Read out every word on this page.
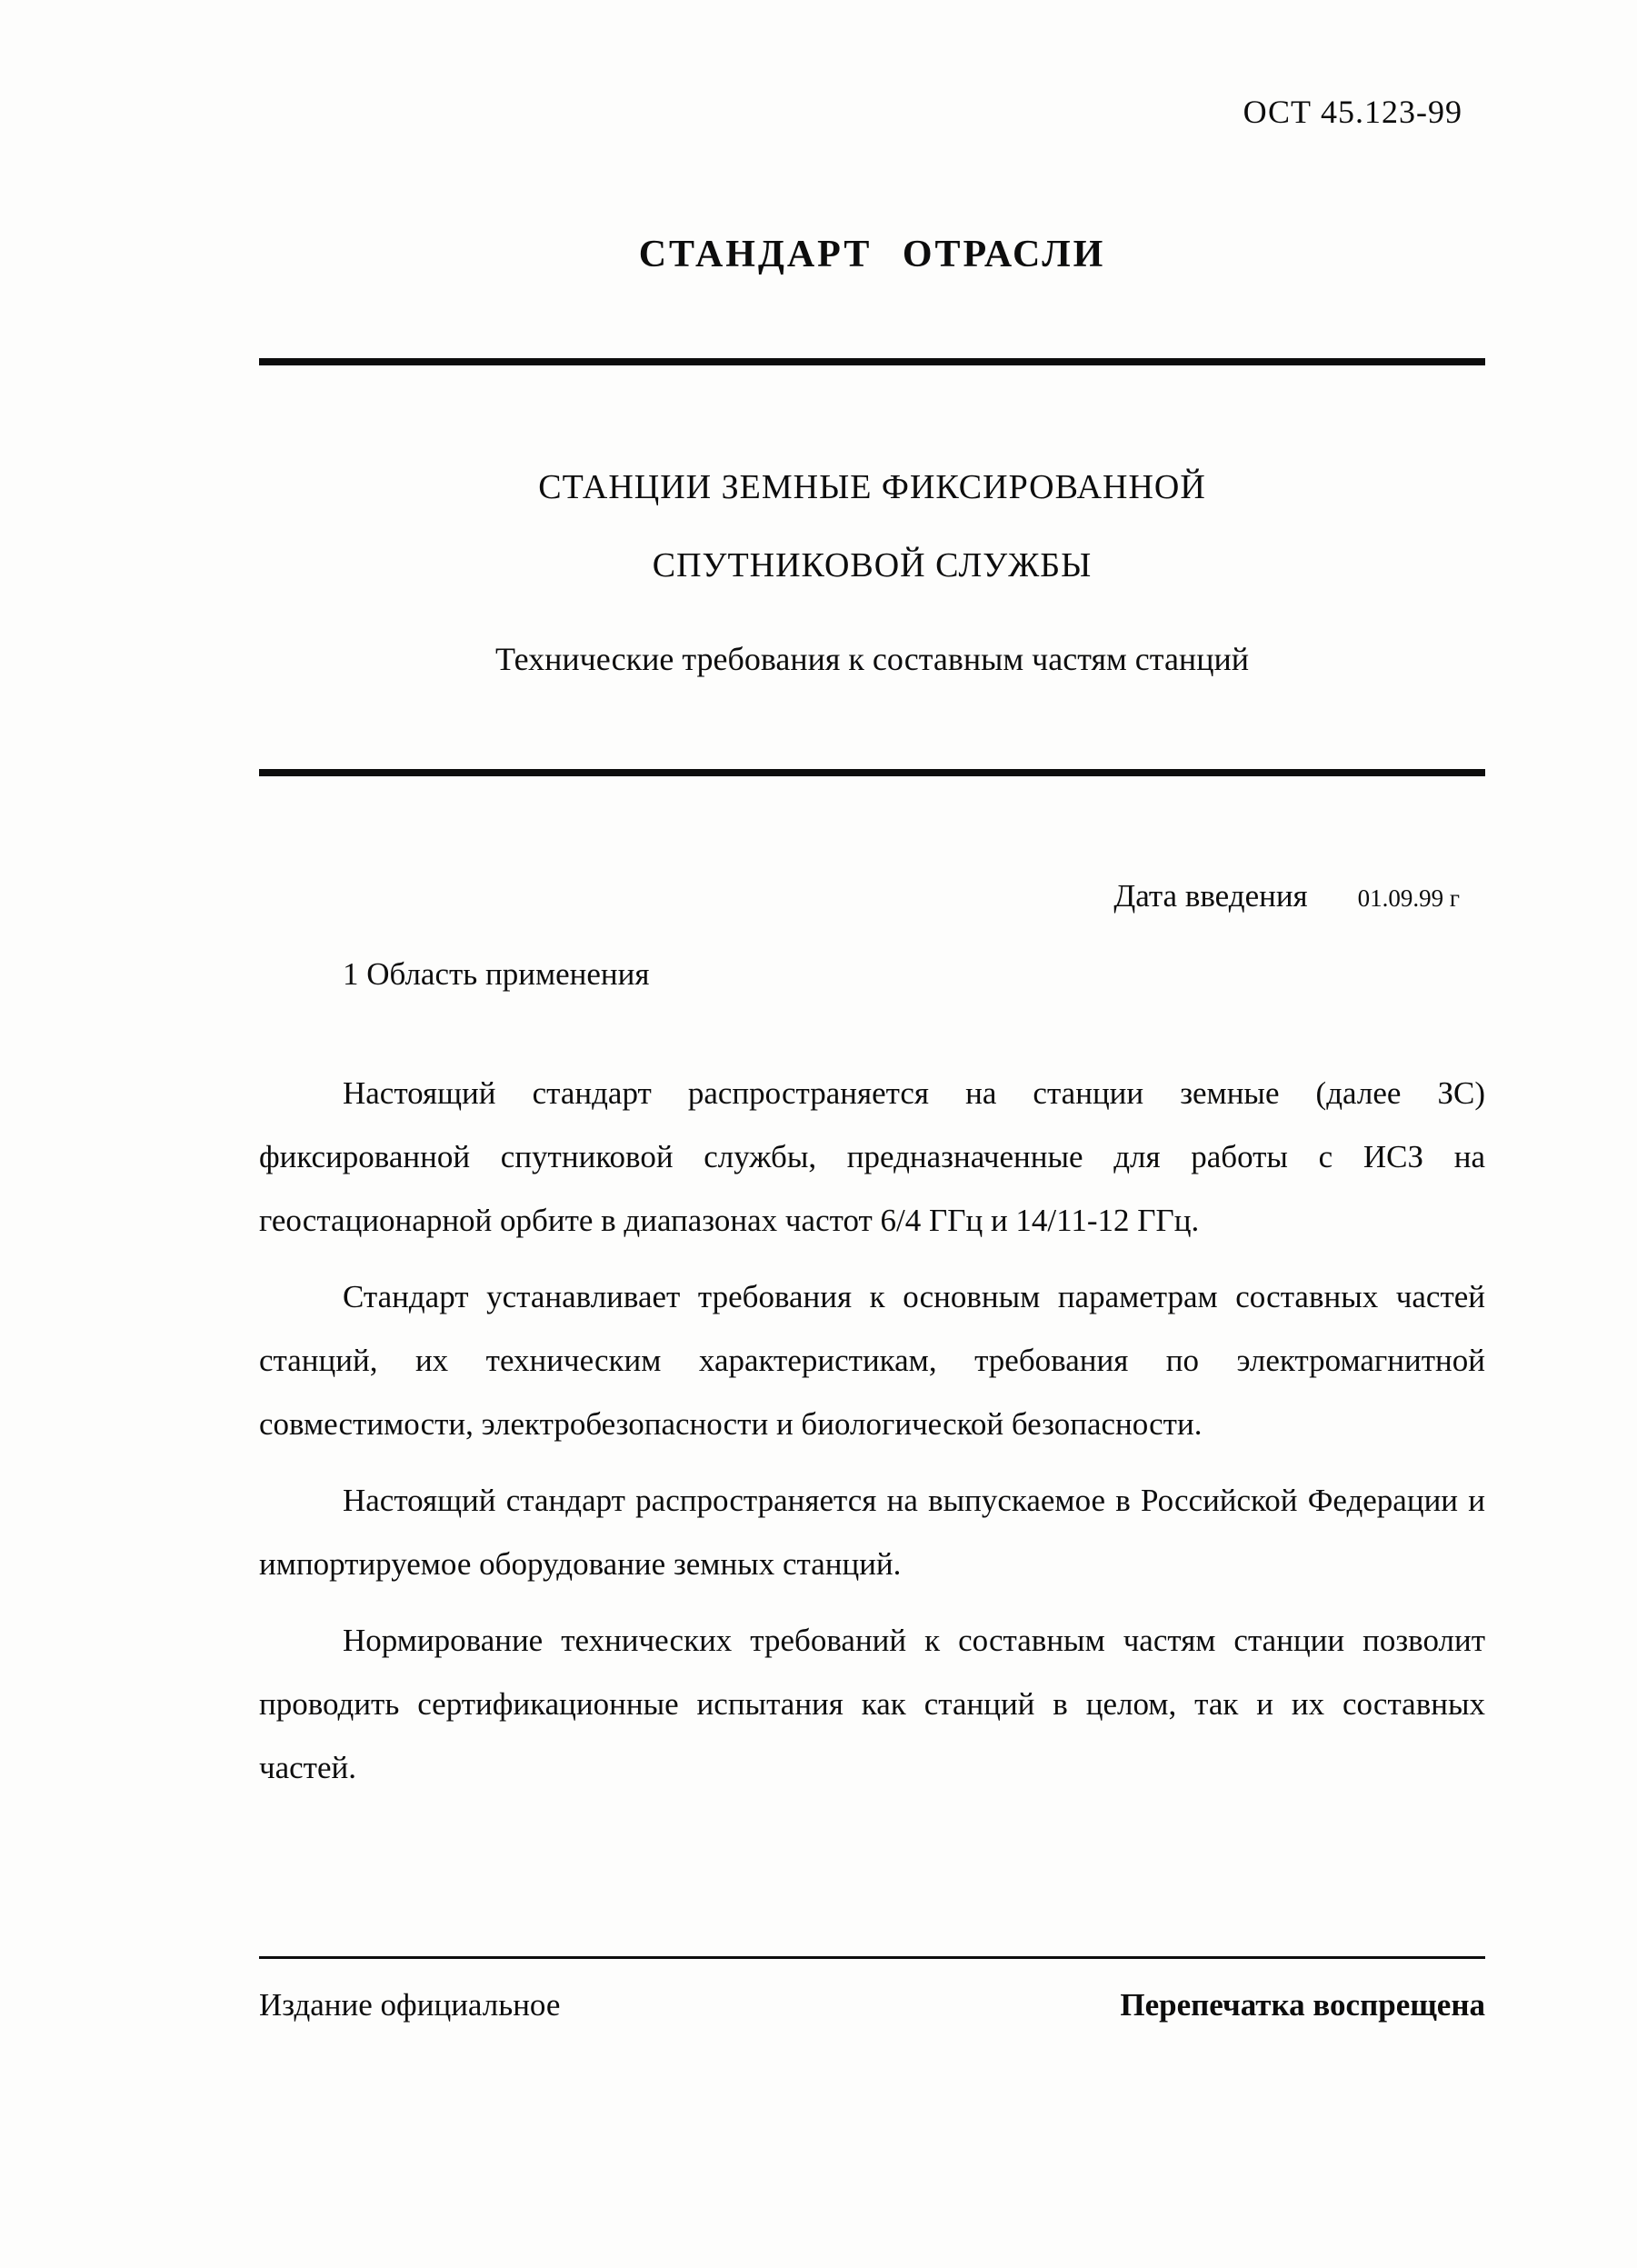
ОСТ 45.123-99
СТАНДАРТ ОТРАСЛИ
СТАНЦИИ ЗЕМНЫЕ ФИКСИРОВАННОЙ
СПУТНИКОВОЙ СЛУЖБЫ
Технические требования к составным частям станций
Дата введения 01.09.99 г
1 Область применения

Настоящий стандарт распространяется на станции земные (далее ЗС) фиксированной спутниковой службы, предназначенные для работы с ИСЗ на геостационарной орбите в диапазонах частот 6/4 ГГц и 14/11-12 ГГц.

Стандарт устанавливает требования к основным параметрам составных частей станций, их техническим характеристикам, требования по электромагнитной совместимости, электробезопасности и биологической безопасности.

Настоящий стандарт распространяется на выпускаемое в Российской Федерации и импортируемое оборудование земных станций.

Нормирование технических требований к составным частям станции позволит проводить сертификационные испытания как станций в целом, так и их составных частей.

Издание официальное	Перепечатка воспрещена
